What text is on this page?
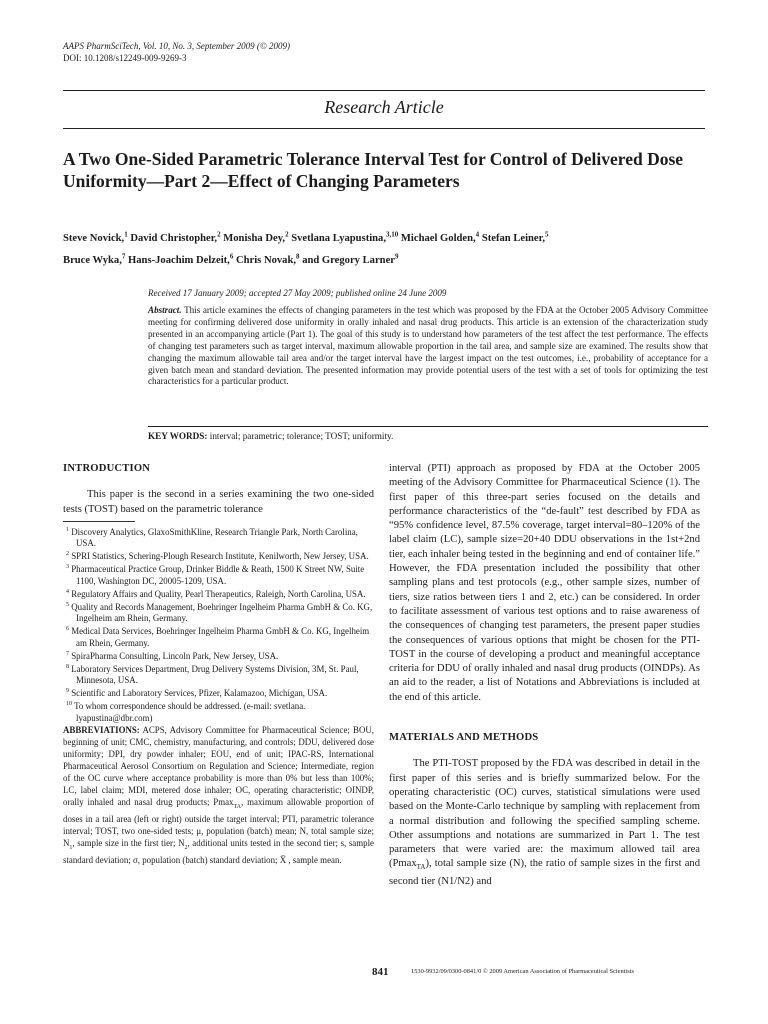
AAPS PharmSciTech, Vol. 10, No. 3, September 2009 (© 2009)
DOI: 10.1208/s12249-009-9269-3
Research Article
A Two One-Sided Parametric Tolerance Interval Test for Control of Delivered Dose Uniformity—Part 2—Effect of Changing Parameters
Steve Novick,$^1$ David Christopher,$^2$ Monisha Dey,$^2$ Svetlana Lyapustina,$^{3,10}$ Michael Golden,$^4$ Stefan Leiner,$^5$
Bruce Wyka,$^7$ Hans-Joachim Delzeit,$^6$ Chris Novak,$^8$ and Gregory Larner$^9$
Received 17 January 2009; accepted 27 May 2009; published online 24 June 2009
Abstract. This article examines the effects of changing parameters in the test which was proposed by the FDA at the October 2005 Advisory Committee meeting for confirming delivered dose uniformity in orally inhaled and nasal drug products. This article is an extension of the characterization study presented in an accompanying article (Part 1). The goal of this study is to understand how parameters of the test affect the test performance. The effects of changing test parameters such as target interval, maximum allowable proportion in the tail area, and sample size are examined. The results show that changing the maximum allowable tail area and/or the target interval have the largest impact on the test outcomes, i.e., probability of acceptance for a given batch mean and standard deviation. The presented information may provide potential users of the test with a set of tools for optimizing the test characteristics for a particular product.
KEY WORDS: interval; parametric; tolerance; TOST; uniformity.
INTRODUCTION

This paper is the second in a series examining the two one-sided tests (TOST) based on the parametric tolerance

$^1$ Discovery Analytics, GlaxoSmithKline, Research Triangle Park, North Carolina, USA.

$^2$ SPRI Statistics, Schering-Plough Research Institute, Kenilworth, New Jersey, USA.

$^3$ Pharmaceutical Practice Group, Drinker Biddle & Reath, 1500 K Street NW, Suite 1100, Washington DC, 20005-1209, USA.

$^4$ Regulatory Affairs and Quality, Pearl Therapeutics, Raleigh, North Carolina, USA.

$^5$ Quality and Records Management, Boehringer Ingelheim Pharma GmbH & Co. KG, Ingelheim am Rhein, Germany.

$^6$ Medical Data Services, Boehringer Ingelheim Pharma GmbH & Co. KG, Ingelheim am Rhein, Germany.

$^7$ SpiraPharma Consulting, Lincoln Park, New Jersey, USA.

$^8$ Laboratory Services Department, Drug Delivery Systems Division, 3M, St. Paul, Minnesota, USA.

$^9$ Scientific and Laboratory Services, Pfizer, Kalamazoo, Michigan, USA.

$^{10}$ To whom correspondence should be addressed. (e-mail: svetlana. lyapustina@dbr.com)

ABBREVIATIONS: ACPS, Advisory Committee for Pharmaceutical Science; BOU, beginning of unit; CMC, chemistry, manufacturing, and controls; DDU, delivered dose uniformity; DPI, dry powder inhaler; EOU, end of unit; IPAC-RS, International Pharmaceutical Aerosol Consortium on Regulation and Science; Intermediate, region of the OC curve where acceptance probability is more than 0% but less than 100%; LC, label claim; MDI, metered dose inhaler; OC, operating characteristic; OINDP, orally inhaled and nasal drug products; Pmax$_{TA}$, maximum allowable proportion of doses in a tail area (left or right) outside the target interval; PTI, parametric tolerance interval; TOST, two one-sided tests; μ, population (batch) mean; N, total sample size; $N_1$, sample size in the first tier; $N_2$, additional units tested in the second tier; s, sample standard deviation; σ, population (batch) standard deviation; X̄ , sample mean.

interval (PTI) approach as proposed by FDA at the October 2005 meeting of the Advisory Committee for Pharmaceutical Science (1). The first paper of this three-part series focused on the details and performance characteristics of the “de-fault” test described by FDA as “95% confidence level, 87.5% coverage, target interval=80–120% of the label claim (LC), sample size=20+40 DDU observations in the 1st+2nd tier, each inhaler being tested in the beginning and end of container life.” However, the FDA presentation included the possibility that other sampling plans and test protocols (e.g., other sample sizes, number of tiers, size ratios between tiers 1 and 2, etc.) can be considered. In order to facilitate assessment of various test options and to raise awareness of the consequences of changing test parameters, the present paper studies the consequences of various options that might be chosen for the PTI-TOST in the course of developing a product and meaningful acceptance criteria for DDU of orally inhaled and nasal drug products (OINDPs). As an aid to the reader, a list of Notations and Abbreviations is included at the end of this article.

MATERIALS AND METHODS

The PTI-TOST proposed by the FDA was described in detail in the first paper of this series and is briefly summarized below. For the operating characteristic (OC) curves, statistical simulations were used based on the Monte-Carlo technique by sampling with replacement from a normal distribution and following the specified sampling scheme. Other assumptions and notations are summarized in Part 1. The test parameters that were varied are: the maximum allowed tail area (Pmax$_{TA}$), total sample size (N), the ratio of sample sizes in the first and second tier (N1/N2) and

841	1530-9932/09/0300-0841/0 © 2009 American Association of Pharmaceutical Scientists
